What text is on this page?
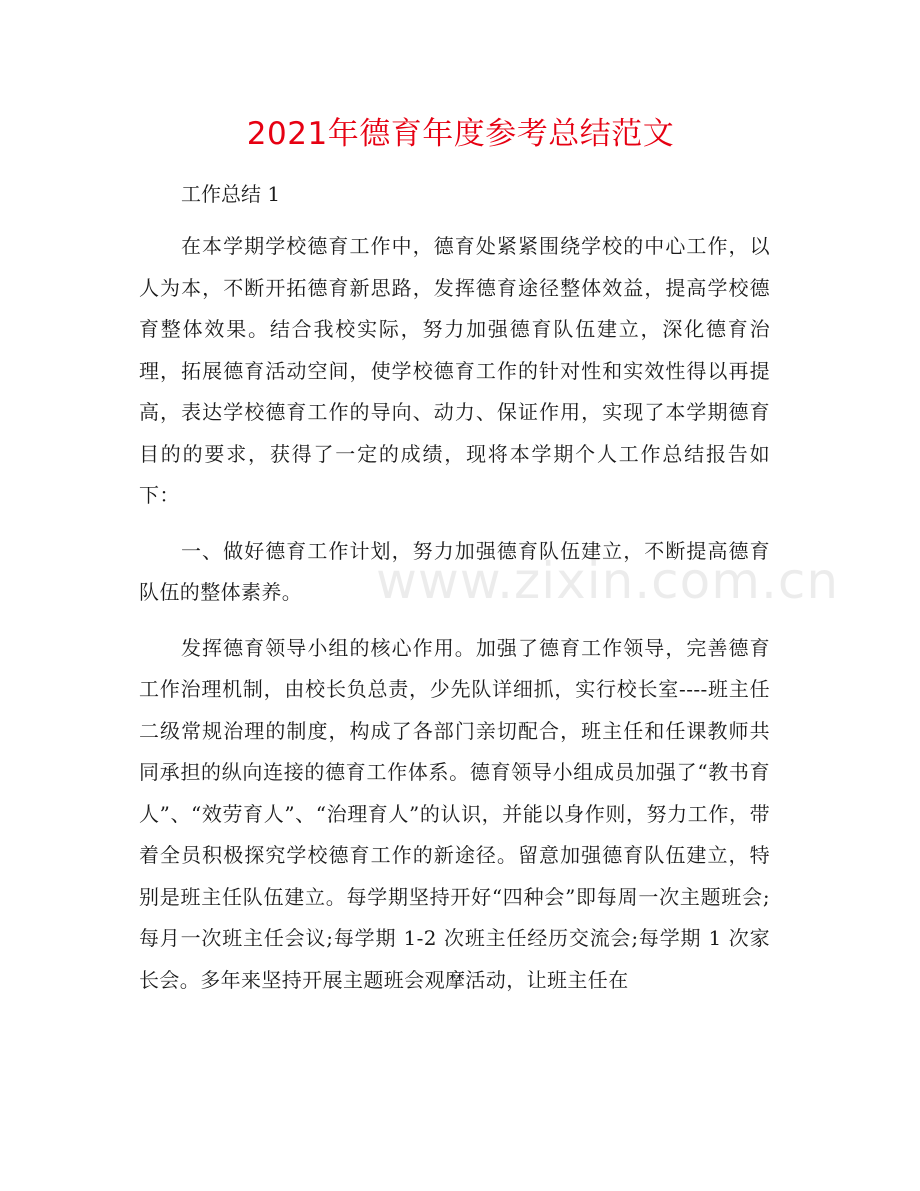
2021年德育年度参考总结范文

工作总结 1

在本学期学校德育工作中，德育处紧紧围绕学校的中心工作，以人为本，不断开拓德育新思路，发挥德育途径整体效益，提高学校德育整体效果。结合我校实际，努力加强德育队伍建立，深化德育治理，拓展德育活动空间，使学校德育工作的针对性和实效性得以再提高，表达学校德育工作的导向、动力、保证作用，实现了本学期德育目的的要求，获得了一定的成绩，现将本学期个人工作总结报告如下：

一、做好德育工作计划，努力加强德育队伍建立，不断提高德育队伍的整体素养。

发挥德育领导小组的核心作用。加强了德育工作领导，完善德育工作治理机制，由校长负总责，少先队详细抓，实行校长室----班主任二级常规治理的制度，构成了各部门亲切配合，班主任和任课教师共同承担的纵向连接的德育工作体系。德育领导小组成员加强了“教书育人”、“效劳育人”、“治理育人”的认识，并能以身作则，努力工作，带着全员积极探究学校德育工作的新途径。留意加强德育队伍建立，特别是班主任队伍建立。每学期坚持开好“四种会”即每周一次主题班会;每月一次班主任会议;每学期 1-2 次班主任经历交流会;每学期 1 次家长会。多年来坚持开展主题班会观摩活动，让班主任在

www.zixin.com.cn
